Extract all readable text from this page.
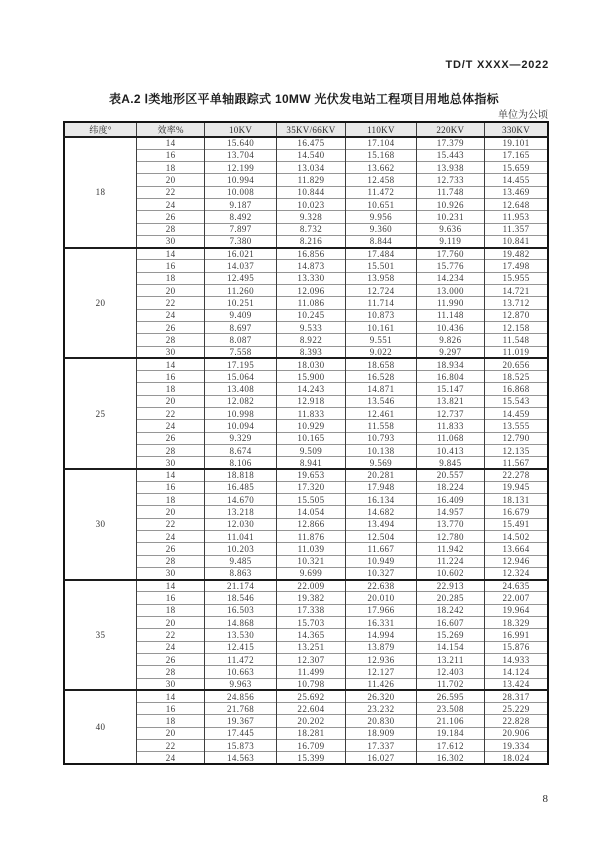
TD/T XXXX—2022
表A.2 Ⅰ类地形区平单轴跟踪式 10MW 光伏发电站工程项目用地总体指标
单位为公顷
纬度°	效率%	10KV	35KV/66KV	110KV	220KV	330KV
18	14	15.640	16.475	17.104	17.379	19.101
	16	13.704	14.540	15.168	15.443	17.165
	18	12.199	13.034	13.662	13.938	15.659
	20	10.994	11.829	12.458	12.733	14.455
	22	10.008	10.844	11.472	11.748	13.469
	24	9.187	10.023	10.651	10.926	12.648
	26	8.492	9.328	9.956	10.231	11.953
	28	7.897	8.732	9.360	9.636	11.357
	30	7.380	8.216	8.844	9.119	10.841
20	14	16.021	16.856	17.484	17.760	19.482
	16	14.037	14.873	15.501	15.776	17.498
	18	12.495	13.330	13.958	14.234	15.955
	20	11.260	12.096	12.724	13.000	14.721
	22	10.251	11.086	11.714	11.990	13.712
	24	9.409	10.245	10.873	11.148	12.870
	26	8.697	9.533	10.161	10.436	12.158
	28	8.087	8.922	9.551	9.826	11.548
	30	7.558	8.393	9.022	9.297	11.019
25	14	17.195	18.030	18.658	18.934	20.656
	16	15.064	15.900	16.528	16.804	18.525
	18	13.408	14.243	14.871	15.147	16.868
	20	12.082	12.918	13.546	13.821	15.543
	22	10.998	11.833	12.461	12.737	14.459
	24	10.094	10.929	11.558	11.833	13.555
	26	9.329	10.165	10.793	11.068	12.790
	28	8.674	9.509	10.138	10.413	12.135
	30	8.106	8.941	9.569	9.845	11.567
30	14	18.818	19.653	20.281	20.557	22.278
	16	16.485	17.320	17.948	18.224	19.945
	18	14.670	15.505	16.134	16.409	18.131
	20	13.218	14.054	14.682	14.957	16.679
	22	12.030	12.866	13.494	13.770	15.491
	24	11.041	11.876	12.504	12.780	14.502
	26	10.203	11.039	11.667	11.942	13.664
	28	9.485	10.321	10.949	11.224	12.946
	30	8.863	9.699	10.327	10.602	12.324
35	14	21.174	22.009	22.638	22.913	24.635
	16	18.546	19.382	20.010	20.285	22.007
	18	16.503	17.338	17.966	18.242	19.964
	20	14.868	15.703	16.331	16.607	18.329
	22	13.530	14.365	14.994	15.269	16.991
	24	12.415	13.251	13.879	14.154	15.876
	26	11.472	12.307	12.936	13.211	14.933
	28	10.663	11.499	12.127	12.403	14.124
	30	9.963	10.798	11.426	11.702	13.424
40	14	24.856	25.692	26.320	26.595	28.317
	16	21.768	22.604	23.232	23.508	25.229
	18	19.367	20.202	20.830	21.106	22.828
	20	17.445	18.281	18.909	19.184	20.906
	22	15.873	16.709	17.337	17.612	19.334
	24	14.563	15.399	16.027	16.302	18.024
8
